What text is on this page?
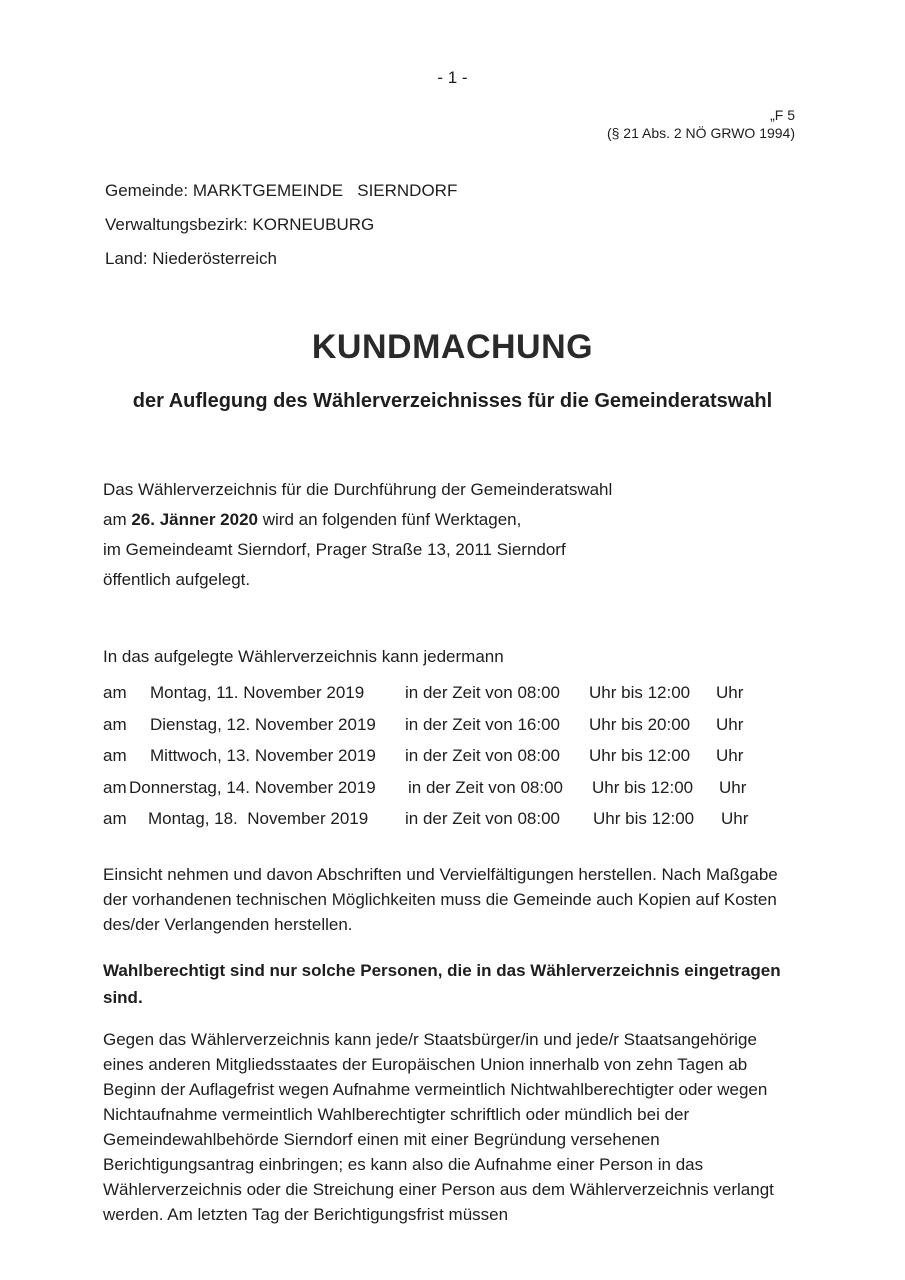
- 1 -
„F 5
(§ 21 Abs. 2 NÖ GRWO 1994)
Gemeinde: MARKTGEMEINDE   SIERNDORF
Verwaltungsbezirk: KORNEUBURG
Land: Niederösterreich
KUNDMACHUNG
der Auflegung des Wählerverzeichnisses für die Gemeinderatswahl
Das Wählerverzeichnis für die Durchführung der Gemeinderatswahl
am 26. Jänner 2020 wird an folgenden fünf Werktagen,
im Gemeindeamt Sierndorf, Prager Straße 13, 2011 Sierndorf
öffentlich aufgelegt.
In das aufgelegte Wählerverzeichnis kann jedermann
am Montag, 11. November 2019 in der Zeit von 08:00 Uhr bis 12:00 Uhr
am Dienstag, 12. November 2019 in der Zeit von 16:00 Uhr bis 20:00 Uhr
am Mittwoch, 13. November 2019 in der Zeit von 08:00 Uhr bis 12:00 Uhr
am Donnerstag, 14. November 2019 in der Zeit von 08:00 Uhr bis 12:00 Uhr
am Montag, 18.  November 2019 in der Zeit von 08:00 Uhr bis 12:00 Uhr
Einsicht nehmen und davon Abschriften und Vervielfältigungen herstellen. Nach Maßgabe der vorhandenen technischen Möglichkeiten muss die Gemeinde auch Kopien auf Kosten des/der Verlangenden herstellen.
Wahlberechtigt sind nur solche Personen, die in das Wählerverzeichnis eingetragen sind.
Gegen das Wählerverzeichnis kann jede/r Staatsbürger/in und jede/r Staatsangehörige eines anderen Mitgliedsstaates der Europäischen Union innerhalb von zehn Tagen ab Beginn der Auflagefrist wegen Aufnahme vermeintlich Nichtwahlberechtigter oder wegen Nichtaufnahme vermeintlich Wahlberechtigter schriftlich oder mündlich bei der Gemeindewahlbehörde Sierndorf einen mit einer Begründung versehenen Berichtigungsantrag einbringen; es kann also die Aufnahme einer Person in das Wählerverzeichnis oder die Streichung einer Person aus dem Wählerverzeichnis verlangt werden. Am letzten Tag der Berichtigungsfrist müssen
